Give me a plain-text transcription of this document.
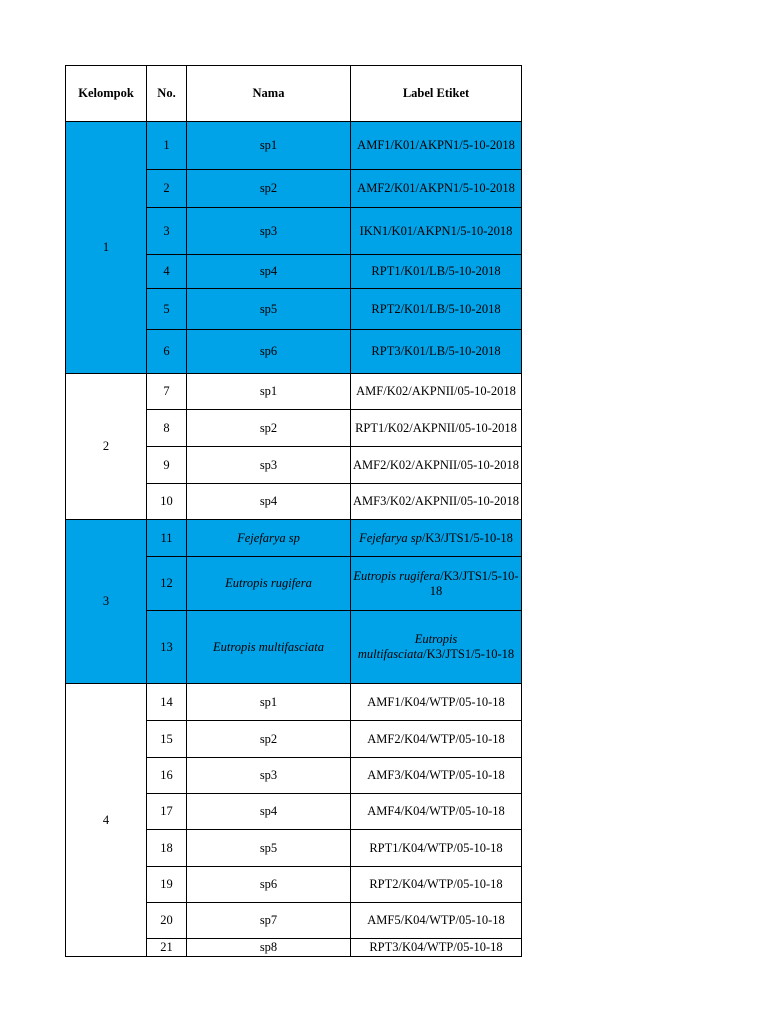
Kelompok	No.	Nama	Label Etiket
1	1	sp1	AMF1/K01/AKPN1/5-10-2018
	2	sp2	AMF2/K01/AKPN1/5-10-2018
	3	sp3	IKN1/K01/AKPN1/5-10-2018
	4	sp4	RPT1/K01/LB/5-10-2018
	5	sp5	RPT2/K01/LB/5-10-2018
	6	sp6	RPT3/K01/LB/5-10-2018
2	7	sp1	AMF/K02/AKPNII/05-10-2018
	8	sp2	RPT1/K02/AKPNII/05-10-2018
	9	sp3	AMF2/K02/AKPNII/05-10-2018
	10	sp4	AMF3/K02/AKPNII/05-10-2018
3	11	Fejefarya sp	Fejefarya sp/K3/JTS1/5-10-18
	12	Eutropis rugifera	Eutropis rugifera/K3/JTS1/5-10-18
	13	Eutropis multifasciata	Eutropis multifasciata/K3/JTS1/5-10-18
4	14	sp1	AMF1/K04/WTP/05-10-18
	15	sp2	AMF2/K04/WTP/05-10-18
	16	sp3	AMF3/K04/WTP/05-10-18
	17	sp4	AMF4/K04/WTP/05-10-18
	18	sp5	RPT1/K04/WTP/05-10-18
	19	sp6	RPT2/K04/WTP/05-10-18
	20	sp7	AMF5/K04/WTP/05-10-18
	21	sp8	RPT3/K04/WTP/05-10-18
